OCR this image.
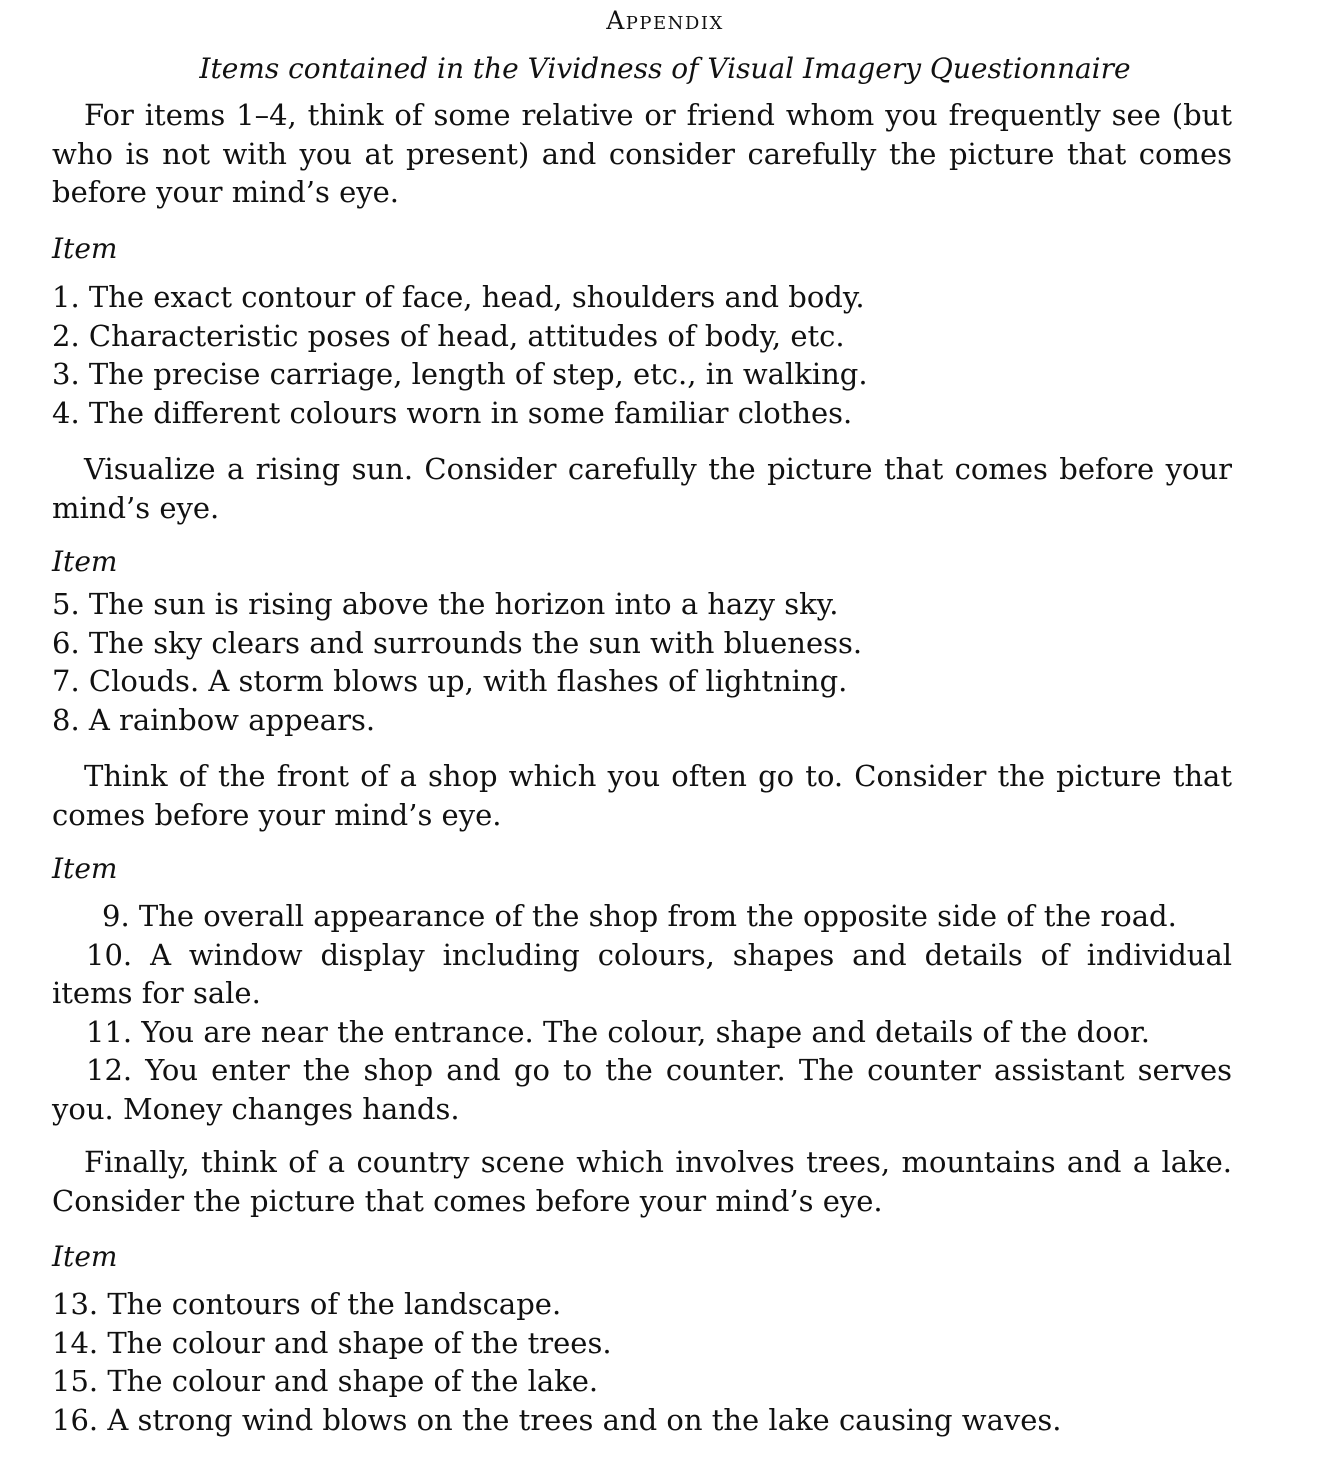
Appendix
Items contained in the Vividness of Visual Imagery Questionnaire

For items 1–4, think of some relative or friend whom you frequently see (but who is not with you at present) and consider carefully the picture that comes before your mind’s eye.

Item
1. The exact contour of face, head, shoulders and body.
2. Characteristic poses of head, attitudes of body, etc.
3. The precise carriage, length of step, etc., in walking.
4. The different colours worn in some familiar clothes.

Visualize a rising sun. Consider carefully the picture that comes before your mind’s eye.

Item
5. The sun is rising above the horizon into a hazy sky.
6. The sky clears and surrounds the sun with blueness.
7. Clouds. A storm blows up, with flashes of lightning.
8. A rainbow appears.

Think of the front of a shop which you often go to. Consider the picture that comes before your mind’s eye.

Item
9. The overall appearance of the shop from the opposite side of the road.
10. A window display including colours, shapes and details of individual items for sale.
11. You are near the entrance. The colour, shape and details of the door.
12. You enter the shop and go to the counter. The counter assistant serves you. Money changes hands.

Finally, think of a country scene which involves trees, mountains and a lake. Consider the picture that comes before your mind’s eye.

Item
13. The contours of the landscape.
14. The colour and shape of the trees.
15. The colour and shape of the lake.
16. A strong wind blows on the trees and on the lake causing waves.
